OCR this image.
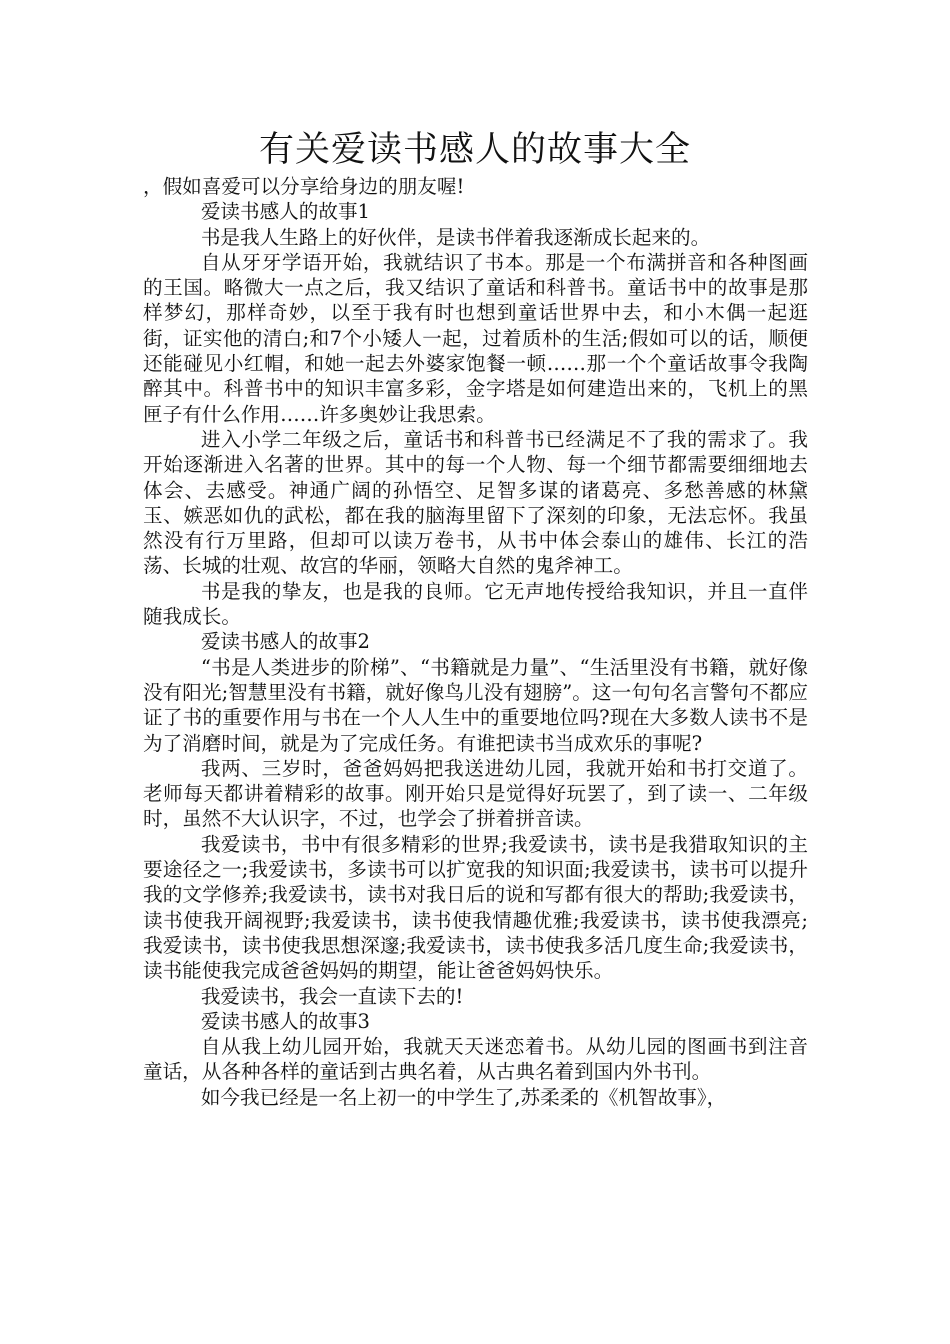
有关爱读书感人的故事大全

，假如喜爱可以分享给身边的朋友喔!

爱读书感人的故事1

书是我人生路上的好伙伴，是读书伴着我逐渐成长起来的。

自从牙牙学语开始，我就结识了书本。那是一个布满拼音和各种图画的王国。略微大一点之后，我又结识了童话和科普书。童话书中的故事是那样梦幻，那样奇妙，以至于我有时也想到童话世界中去，和小木偶一起逛街，证实他的清白;和7个小矮人一起，过着质朴的生活;假如可以的话，顺便还能碰见小红帽，和她一起去外婆家饱餐一顿……那一个个童话故事令我陶醉其中。科普书中的知识丰富多彩，金字塔是如何建造出来的，飞机上的黑匣子有什么作用……许多奥妙让我思索。

进入小学二年级之后，童话书和科普书已经满足不了我的需求了。我开始逐渐进入名著的世界。其中的每一个人物、每一个细节都需要细细地去体会、去感受。神通广阔的孙悟空、足智多谋的诸葛亮、多愁善感的林黛玉、嫉恶如仇的武松，都在我的脑海里留下了深刻的印象，无法忘怀。我虽然没有行万里路，但却可以读万卷书，从书中体会泰山的雄伟、长江的浩荡、长城的壮观、故宫的华丽，领略大自然的鬼斧神工。

书是我的挚友，也是我的良师。它无声地传授给我知识，并且一直伴随我成长。

爱读书感人的故事2

“书是人类进步的阶梯”、“书籍就是力量”、“生活里没有书籍，就好像没有阳光;智慧里没有书籍，就好像鸟儿没有翅膀”。这一句句名言警句不都应证了书的重要作用与书在一个人人生中的重要地位吗?现在大多数人读书不是为了消磨时间，就是为了完成任务。有谁把读书当成欢乐的事呢?

我两、三岁时，爸爸妈妈把我送进幼儿园，我就开始和书打交道了。老师每天都讲着精彩的故事。刚开始只是觉得好玩罢了，到了读一、二年级时，虽然不大认识字，不过，也学会了拼着拼音读。

我爱读书，书中有很多精彩的世界;我爱读书，读书是我猎取知识的主要途径之一;我爱读书，多读书可以扩宽我的知识面;我爱读书，读书可以提升我的文学修养;我爱读书，读书对我日后的说和写都有很大的帮助;我爱读书，读书使我开阔视野;我爱读书，读书使我情趣优雅;我爱读书，读书使我漂亮;我爱读书，读书使我思想深邃;我爱读书，读书使我多活几度生命;我爱读书，读书能使我完成爸爸妈妈的期望，能让爸爸妈妈快乐。

我爱读书，我会一直读下去的!

爱读书感人的故事3

自从我上幼儿园开始，我就天天迷恋着书。从幼儿园的图画书到注音童话，从各种各样的童话到古典名着，从古典名着到国内外书刊。

如今我已经是一名上初一的中学生了,苏柔柔的《机智故事》，
